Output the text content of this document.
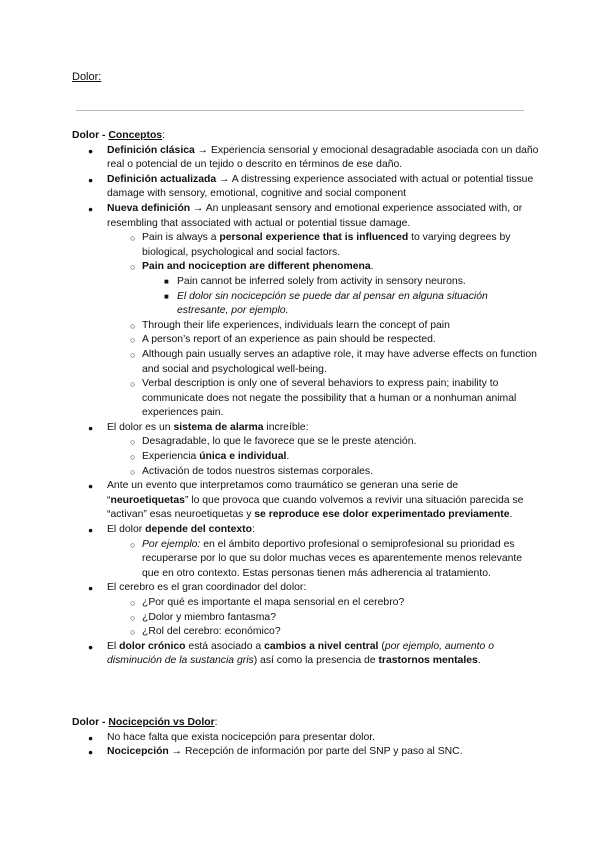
Dolor:

Dolor - Conceptos:

● Definición clásica → Experiencia sensorial y emocional desagradable asociada con un daño real o potencial de un tejido o descrito en términos de ese daño.
● Definición actualizada → A distressing experience associated with actual or potential tissue damage with sensory, emotional, cognitive and social component
● Nueva definición → An unpleasant sensory and emotional experience associated with, or resembling that associated with actual or potential tissue damage.
○ Pain is always a personal experience that is influenced to varying degrees by biological, psychological and social factors.
○ Pain and nociception are different phenomena.
■ Pain cannot be inferred solely from activity in sensory neurons.
■ El dolor sin nocicepción se puede dar al pensar en alguna situación estresante, por ejemplo.
○ Through their life experiences, individuals learn the concept of pain
○ A person’s report of an experience as pain should be respected.
○ Although pain usually serves an adaptive role, it may have adverse effects on function and social and psychological well-being.
○ Verbal description is only one of several behaviors to express pain; inability to communicate does not negate the possibility that a human or a nonhuman animal experiences pain.
● El dolor es un sistema de alarma increíble:
○ Desagradable, lo que le favorece que se le preste atención.
○ Experiencia única e individual.
○ Activación de todos nuestros sistemas corporales.
● Ante un evento que interpretamos como traumático se generan una serie de “neuroetiquetas” lo que provoca que cuando volvemos a revivir una situación parecida se “activan” esas neuroetiquetas y se reproduce ese dolor experimentado previamente.
● El dolor depende del contexto:
○ Por ejemplo: en el ámbito deportivo profesional o semiprofesional su prioridad es recuperarse por lo que su dolor muchas veces es aparentemente menos relevante que en otro contexto. Estas personas tienen más adherencia al tratamiento.
● El cerebro es el gran coordinador del dolor:
○ ¿Por qué es importante el mapa sensorial en el cerebro?
○ ¿Dolor y miembro fantasma?
○ ¿Rol del cerebro: económico?
● El dolor crónico está asociado a cambios a nivel central (por ejemplo, aumento o disminución de la sustancia gris) así como la presencia de trastornos mentales.

Dolor - Nocicepción vs Dolor:

● No hace falta que exista nocicepción para presentar dolor.
● Nocicepción → Recepción de información por parte del SNP y paso al SNC.
